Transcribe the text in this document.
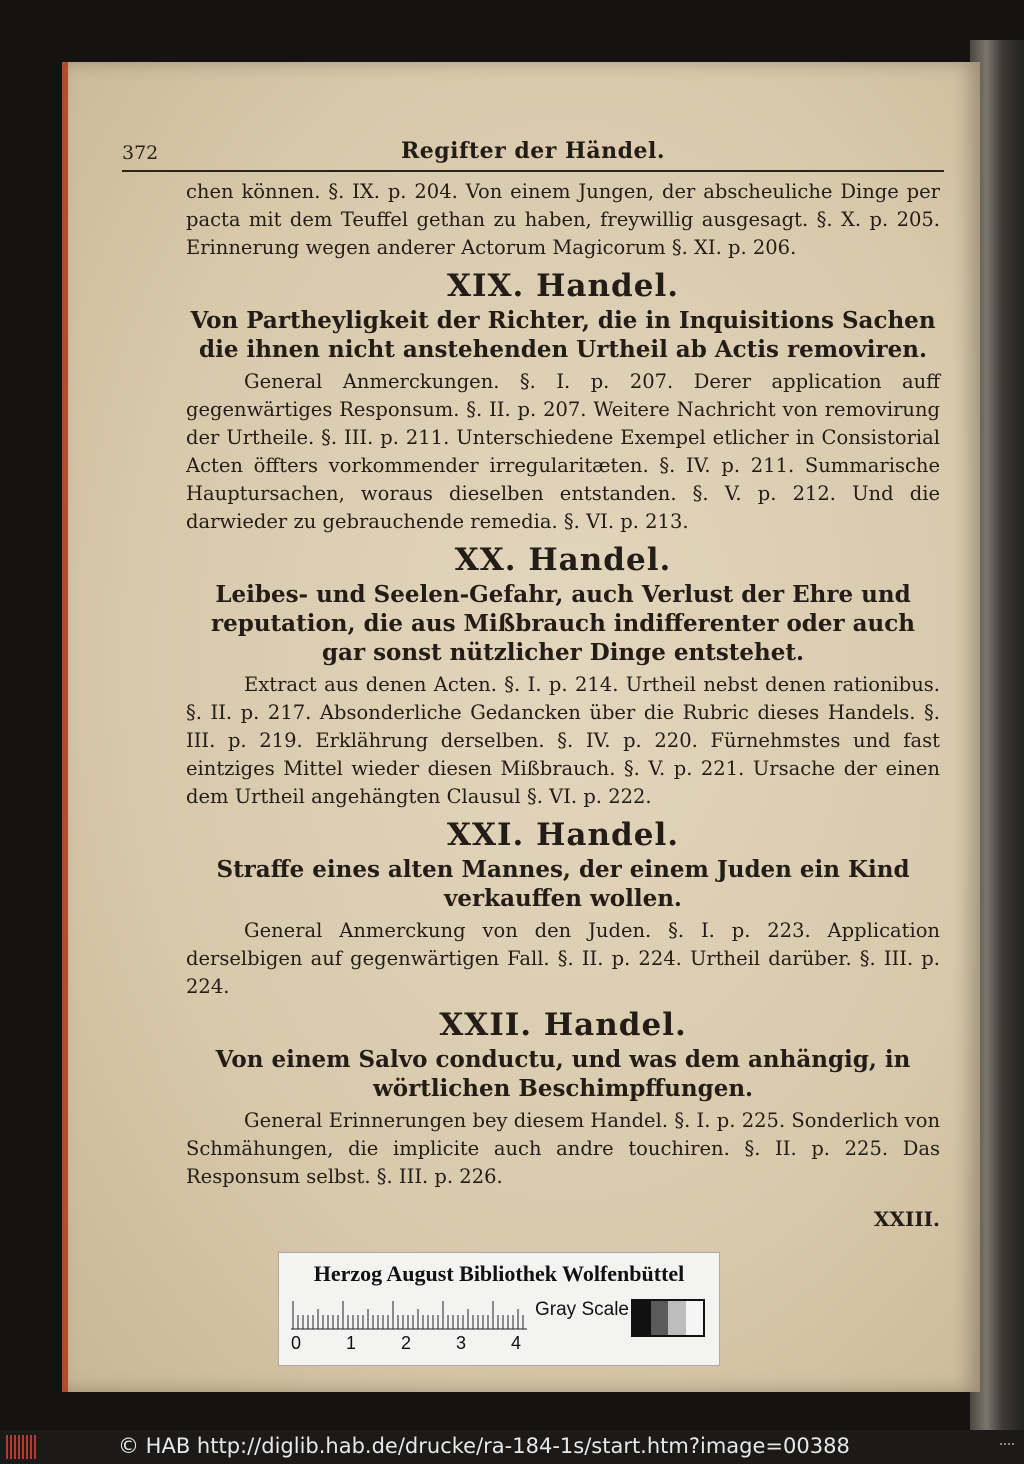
372	Regifter der Händel.

chen können. §. IX. p. 204. Von einem Jungen, der abscheuliche Dinge per pacta mit dem Teuffel gethan zu haben, freywillig ausgesagt. §. X. p. 205. Erinnerung wegen anderer Actorum Magicorum §. XI. p. 206.

XIX. Handel.
Von Partheyligkeit der Richter, die in Inquisitions Sachen die ihnen nicht anstehenden Urtheil ab Actis removiren.

General Anmerckungen. §. I. p. 207. Derer application auff gegenwärtiges Responsum. §. II. p. 207. Weitere Nachricht von removirung der Urtheile. §. III. p. 211. Unterschiedene Exempel etlicher in Consistorial Acten öffters vorkommender irregularitæten. §. IV. p. 211. Summarische Hauptursachen, woraus dieselben entstanden. §. V. p. 212. Und die darwieder zu gebrauchende remedia. §. VI. p. 213.

XX. Handel.
Leibes- und Seelen-Gefahr, auch Verlust der Ehre und reputation, die aus Mißbrauch indifferenter oder auch gar sonst nützlicher Dinge entstehet.

Extract aus denen Acten. §. I. p. 214. Urtheil nebst denen rationibus. §. II. p. 217. Absonderliche Gedancken über die Rubric dieses Handels. §. III. p. 219. Erklährung derselben. §. IV. p. 220. Fürnehmstes und fast eintziges Mittel wieder diesen Mißbrauch. §. V. p. 221. Ursache der einen dem Urtheil angehängten Clausul §. VI. p. 222.

XXI. Handel.
Straffe eines alten Mannes, der einem Juden ein Kind verkauffen wollen.

General Anmerckung von den Juden. §. I. p. 223. Application derselbigen auf gegenwärtigen Fall. §. II. p. 224. Urtheil darüber. §. III. p. 224.

XXII. Handel.
Von einem Salvo conductu, und was dem anhängig, in wörtlichen Beschimpffungen.

General Erinnerungen bey diesem Handel. §. I. p. 225. Sonderlich von Schmähungen, die implicite auch andre touchiren. §. II. p. 225. Das Responsum selbst. §. III. p. 226.

XXIII.
Herzog August Bibliothek Wolfenbüttel
0 1 2 3 4
Gray Scale
© HAB http://diglib.hab.de/drucke/ra-184-1s/start.htm?image=00388
